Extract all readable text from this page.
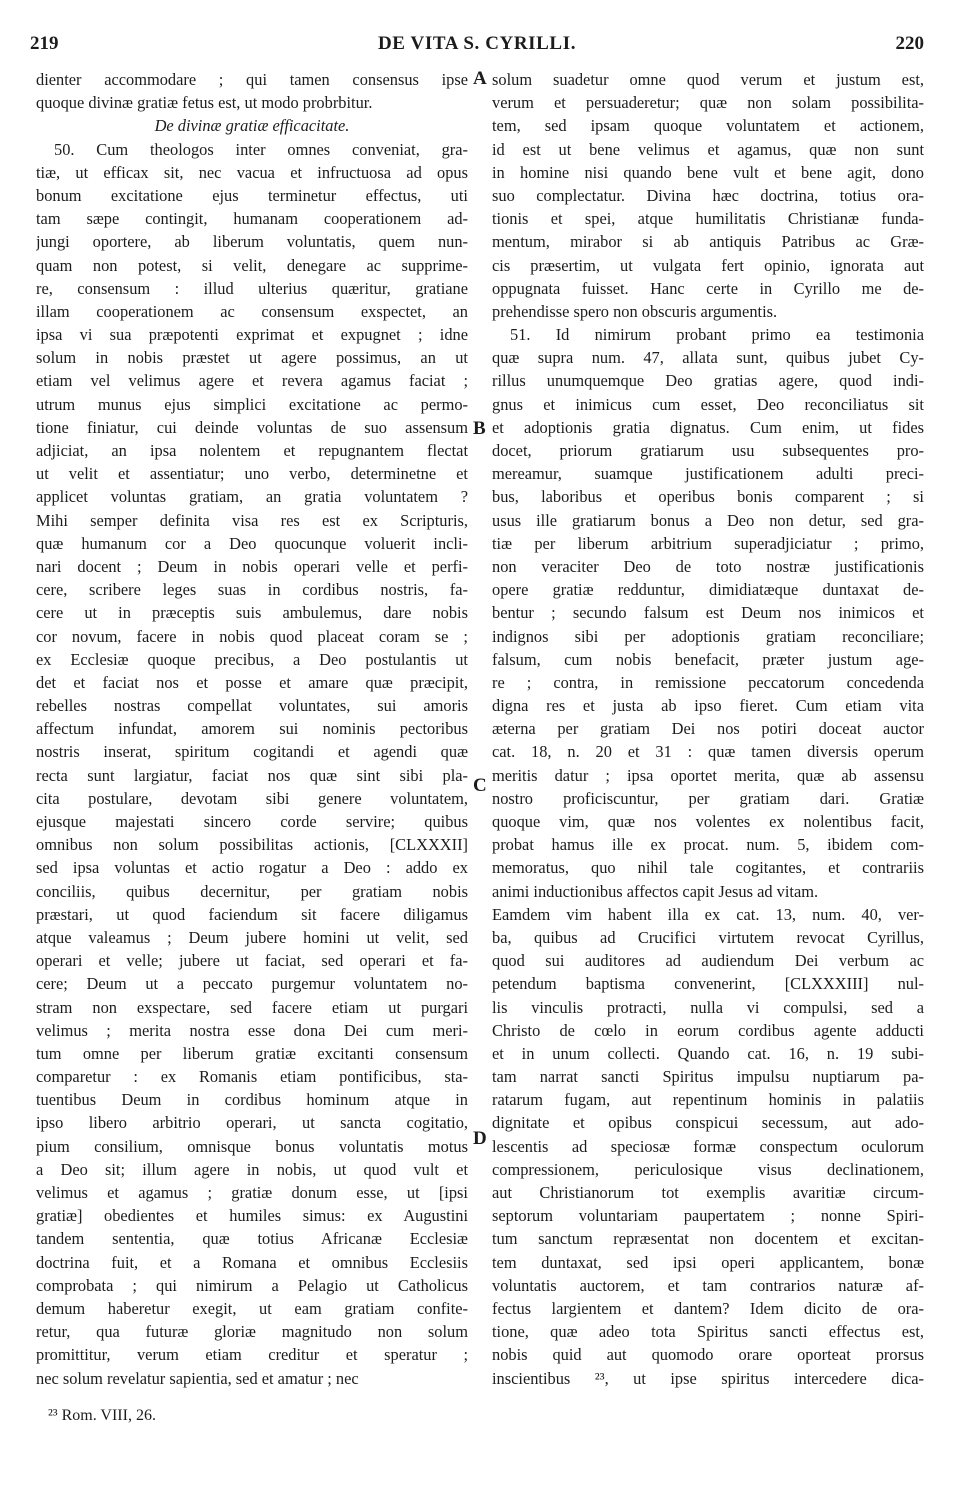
219	DE VITA S. CYRILLI.	220
dienter accommodare ; qui tamen consensus ipse
quoque divinæ gratiæ fetus est, ut modo probrbitur.
De divinæ gratiæ efficacitate.
50. Cum theologos inter omnes conveniat, gra-
tiæ, ut efficax sit, nec vacua et infructuosa ad opus
bonum excitatione ejus terminetur effectus, uti
tam sæpe contingit, humanam cooperationem ad-
jungi oportere, ab liberum voluntatis, quem nun-
quam non potest, si velit, denegare ac supprime-
re, consensum : illud ulterius quæritur, gratiane
illam cooperationem ac consensum exspectet, an
ipsa vi sua præpotenti exprimat et expugnet ; idne
solum in nobis præstet ut agere possimus, an ut
etiam vel velimus agere et revera agamus faciat ;
utrum munus ejus simplici excitatione ac permo-
tione finiatur, cui deinde voluntas de suo assensum
adjiciat, an ipsa nolentem et repugnantem flectat
ut velit et assentiatur; uno verbo, determinetne et
applicet voluntas gratiam, an gratia voluntatem ?
Mihi semper definita visa res est ex Scripturis,
quæ humanum cor a Deo quocunque voluerit incli-
nari docent ; Deum in nobis operari velle et perfi-
cere, scribere leges suas in cordibus nostris, fa-
cere ut in præceptis suis ambulemus, dare nobis
cor novum, facere in nobis quod placeat coram se ;
ex Ecclesiæ quoque precibus, a Deo postulantis ut
det et faciat nos et posse et amare quæ præcipit,
rebelles nostras compellat voluntates, sui amoris
affectum infundat, amorem sui nominis pectoribus
nostris inserat, spiritum cogitandi et agendi quæ
recta sunt largiatur, faciat nos quæ sint sibi pla-
cita postulare, devotam sibi genere voluntatem,
ejusque majestati sincero corde servire; quibus
omnibus non solum possibilitas actionis, [CLXXXII]
sed ipsa voluntas et actio rogatur a Deo : addo ex
conciliis, quibus decernitur, per gratiam nobis
præstari, ut quod faciendum sit facere diligamus
atque valeamus ; Deum jubere homini ut velit, sed
operari et velle; jubere ut faciat, sed operari et fa-
cere; Deum ut a peccato purgemur voluntatem no-
stram non exspectare, sed facere etiam ut purgari
velimus ; merita nostra esse dona Dei cum meri-
tum omne per liberum gratiæ excitanti consensum
comparetur : ex Romanis etiam pontificibus, sta-
tuentibus Deum in cordibus hominum atque in
ipso libero arbitrio operari, ut sancta cogitatio,
pium consilium, omnisque bonus voluntatis motus
a Deo sit; illum agere in nobis, ut quod vult et
velimus et agamus ; gratiæ donum esse, ut [ipsi
gratiæ] obedientes et humiles simus: ex Augustini
tandem sententia, quæ totius Africanæ Ecclesiæ
doctrina fuit, et a Romana et omnibus Ecclesiis
comprobata ; qui nimirum a Pelagio ut Catholicus
demum haberetur exegit, ut eam gratiam confite-
retur, qua futuræ gloriæ magnitudo non solum
promittitur, verum etiam creditur et speratur ;
nec solum revelatur sapientia, sed et amatur ; nec
solum suadetur omne quod verum et justum est,
verum et persuaderetur; quæ non solam possibilita-
tem, sed ipsam quoque voluntatem et actionem,
id est ut bene velimus et agamus, quæ non sunt
in homine nisi quando bene vult et bene agit, dono
suo complectatur. Divina hæc doctrina, totius ora-
tionis et spei, atque humilitatis Christianæ funda-
mentum, mirabor si ab antiquis Patribus ac Græ-
cis præsertim, ut vulgata fert opinio, ignorata aut
oppugnata fuisset. Hanc certe in Cyrillo me de-
prehendisse spero non obscuris argumentis.
51. Id nimirum probant primo ea testimonia
quæ supra num. 47, allata sunt, quibus jubet Cy-
rillus unumquemque Deo gratias agere, quod indi-
gnus et inimicus cum esset, Deo reconciliatus sit
et adoptionis gratia dignatus. Cum enim, ut fides
docet, priorum gratiarum usu subsequentes pro-
mereamur, suamque justificationem adulti preci-
bus, laboribus et operibus bonis comparent ; si
usus ille gratiarum bonus a Deo non detur, sed gra-
tiæ per liberum arbitrium superadjiciatur ; primo,
non veraciter Deo de toto nostræ justificationis
opere gratiæ redduntur, dimidiatæque duntaxat de-
bentur ; secundo falsum est Deum nos inimicos et
indignos sibi per adoptionis gratiam reconciliare;
falsum, cum nobis benefacit, præter justum age-
re ; contra, in remissione peccatorum concedenda
digna res et justa ab ipso fieret. Cum etiam vita
æterna per gratiam Dei nos potiri doceat auctor
cat. 18, n. 20 et 31 : quæ tamen diversis operum
meritis datur ; ipsa oportet merita, quæ ab assensu
nostro proficiscuntur, per gratiam dari. Gratiæ
quoque vim, quæ nos volentes ex nolentibus facit,
probat hamus ille ex procat. num. 5, ibidem com-
memoratus, quo nihil tale cogitantes, et contrariis
animi inductionibus affectos capit Jesus ad vitam.
Eamdem vim habent illa ex cat. 13, num. 40, ver-
ba, quibus ad Crucifici virtutem revocat Cyrillus,
quod sui auditores ad audiendum Dei verbum ac
petendum baptisma convenerint, [CLXXXIII] nul-
lis vinculis protracti, nulla vi compulsi, sed a
Christo de cœlo in eorum cordibus agente adducti
et in unum collecti. Quando cat. 16, n. 19 subi-
tam narrat sancti Spiritus impulsu nuptiarum pa-
ratarum fugam, aut repentinum hominis in palatiis
dignitate et opibus conspicui secessum, aut ado-
lescentis ad speciosæ formæ conspectum oculorum
compressionem, periculosique visus declinationem,
aut Christianorum tot exemplis avaritiæ circum-
septorum voluntariam paupertatem ; nonne Spiri-
tum sanctum repræsentat non docentem et excitan-
tem duntaxat, sed ipsi operi applicantem, bonæ
voluntatis auctorem, et tam contrarios naturæ af-
fectus largientem et dantem? Idem dicito de ora-
tione, quæ adeo tota Spiritus sancti effectus est,
nobis quid aut quomodo orare oporteat prorsus
inscientibus ²³, ut ipse spiritus intercedere dica-
A
B
C
D
²³ Rom. VIII, 26.
